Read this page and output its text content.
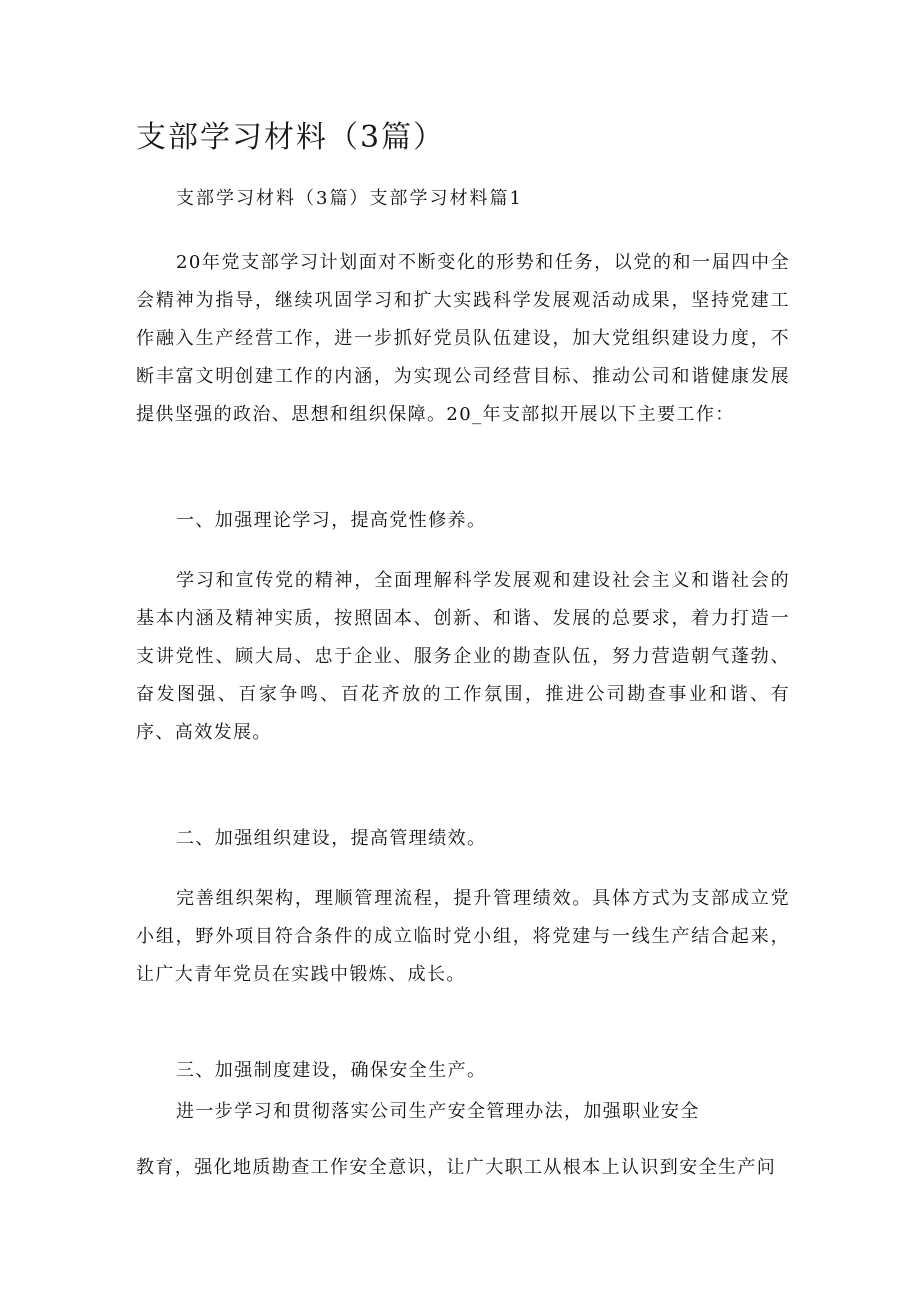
支部学习材料（3篇）
支部学习材料（3篇）支部学习材料篇1
20年党支部学习计划面对不断变化的形势和任务，以党的和一届四中全会精神为指导，继续巩固学习和扩大实践科学发展观活动成果，坚持党建工作融入生产经营工作，进一步抓好党员队伍建设，加大党组织建设力度，不断丰富文明创建工作的内涵，为实现公司经营目标、推动公司和谐健康发展提供坚强的政治、思想和组织保障。20_年支部拟开展以下主要工作：
一、加强理论学习，提高党性修养。
学习和宣传党的精神，全面理解科学发展观和建设社会主义和谐社会的基本内涵及精神实质，按照固本、创新、和谐、发展的总要求，着力打造一支讲党性、顾大局、忠于企业、服务企业的勘查队伍，努力营造朝气蓬勃、奋发图强、百家争鸣、百花齐放的工作氛围，推进公司勘查事业和谐、有序、高效发展。
二、加强组织建设，提高管理绩效。
完善组织架构，理顺管理流程，提升管理绩效。具体方式为支部成立党小组，野外项目符合条件的成立临时党小组，将党建与一线生产结合起来，让广大青年党员在实践中锻炼、成长。
三、加强制度建设，确保安全生产。
进一步学习和贯彻落实公司生产安全管理办法，加强职业安全
教育，强化地质勘查工作安全意识，让广大职工从根本上认识到安全生产问
